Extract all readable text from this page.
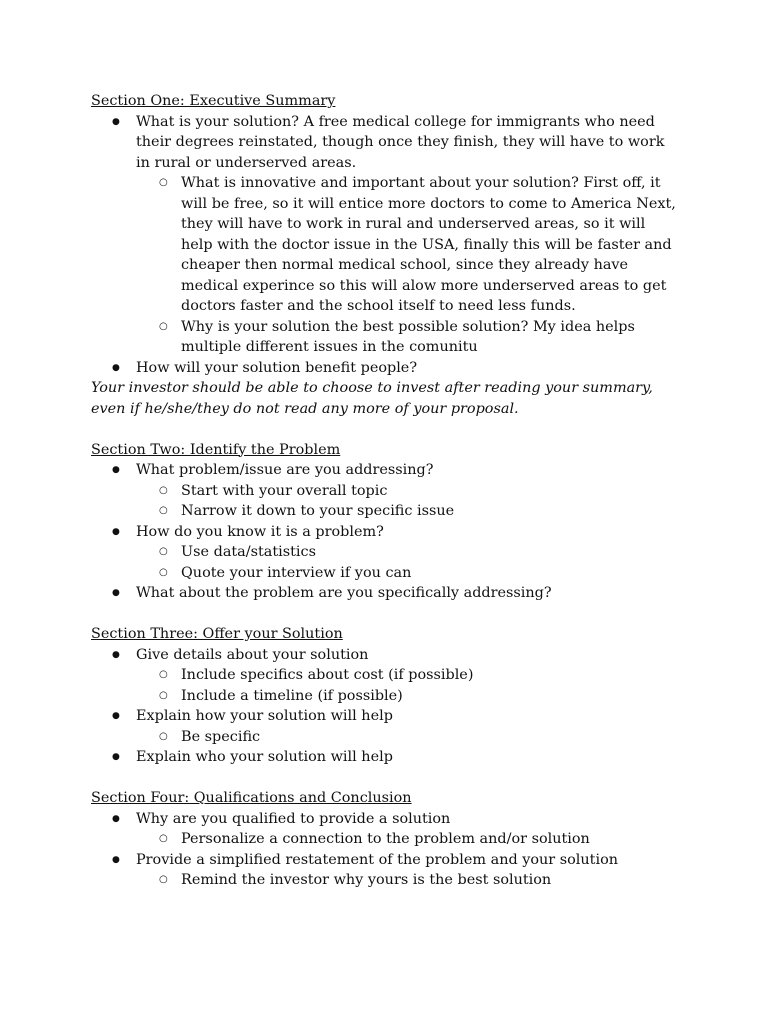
Section One: Executive Summary
● What is your solution? A free medical college for immigrants who need their degrees reinstated, though once they finish, they will have to work in rural or underserved areas.
○ What is innovative and important about your solution? First off, it will be free, so it will entice more doctors to come to America Next, they will have to work in rural and underserved areas, so it will help with the doctor issue in the USA, finally this will be faster and cheaper then normal medical school, since they already have medical experince so this will alow more underserved areas to get doctors faster and the school itself to need less funds.
○ Why is your solution the best possible solution? My idea helps multiple different issues in the comunitu
● How will your solution benefit people?
Your investor should be able to choose to invest after reading your summary, even if he/she/they do not read any more of your proposal.
Section Two: Identify the Problem
● What problem/issue are you addressing?
○ Start with your overall topic
○ Narrow it down to your specific issue
● How do you know it is a problem?
○ Use data/statistics
○ Quote your interview if you can
● What about the problem are you specifically addressing?
Section Three: Offer your Solution
● Give details about your solution
○ Include specifics about cost (if possible)
○ Include a timeline (if possible)
● Explain how your solution will help
○ Be specific
● Explain who your solution will help
Section Four: Qualifications and Conclusion
● Why are you qualified to provide a solution
○ Personalize a connection to the problem and/or solution
● Provide a simplified restatement of the problem and your solution
○ Remind the investor why yours is the best solution
